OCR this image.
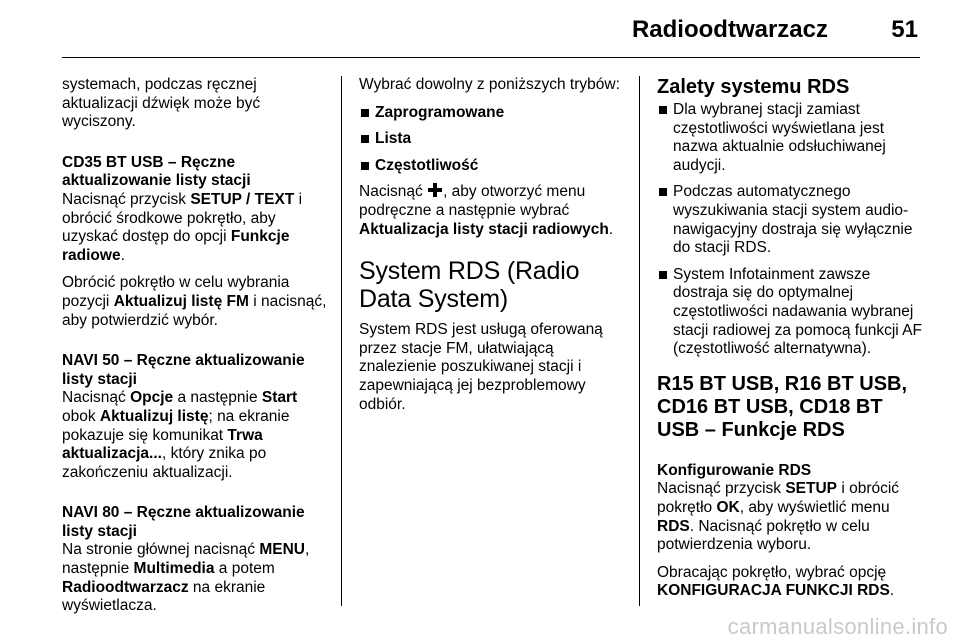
Radioodtwarzacz	51

systemach, podczas ręcznej aktualizacji dźwięk może być wyciszony.

CD35 BT USB – Ręczne aktualizowanie listy stacji

Nacisnąć przycisk SETUP / TEXT i obrócić środkowe pokrętło, aby uzyskać dostęp do opcji Funkcje radiowe.

Obrócić pokrętło w celu wybrania pozycji Aktualizuj listę FM i nacisnąć, aby potwierdzić wybór.

NAVI 50 – Ręczne aktualizowanie listy stacji

Nacisnąć Opcje a następnie Start obok Aktualizuj listę; na ekranie pokazuje się komunikat Trwa aktualizacja..., który znika po zakończeniu aktualizacji.

NAVI 80 – Ręczne aktualizowanie listy stacji

Na stronie głównej nacisnąć MENU, następnie Multimedia a potem Radioodtwarzacz na ekranie wyświetlacza.

Wybrać dowolny z poniższych trybów:

Zaprogramowane
Lista
Częstotliwość

Nacisnąć , aby otworzyć menu podręczne a następnie wybrać Aktualizacja listy stacji radiowych.

System RDS (Radio Data System)

System RDS jest usługą oferowaną przez stacje FM, ułatwiającą znalezienie poszukiwanej stacji i zapewniającą jej bezproblemowy odbiór.

Zalety systemu RDS
Dla wybranej stacji zamiast częstotliwości wyświetlana jest nazwa aktualnie odsłuchiwanej audycji.
Podczas automatycznego wyszukiwania stacji system audio-nawigacyjny dostraja się wyłącznie do stacji RDS.
System Infotainment zawsze dostraja się do optymalnej częstotliwości nadawania wybranej stacji radiowej za pomocą funkcji AF (częstotliwość alternatywna).
R15 BT USB, R16 BT USB, CD16 BT USB, CD18 BT USB – Funkcje RDS

Konfigurowanie RDS

Nacisnąć przycisk SETUP i obrócić pokrętło OK, aby wyświetlić menu RDS. Nacisnąć pokrętło w celu potwierdzenia wyboru.

Obracając pokrętło, wybrać opcję KONFIGURACJA FUNKCJI RDS.

carmanualsonline.info
